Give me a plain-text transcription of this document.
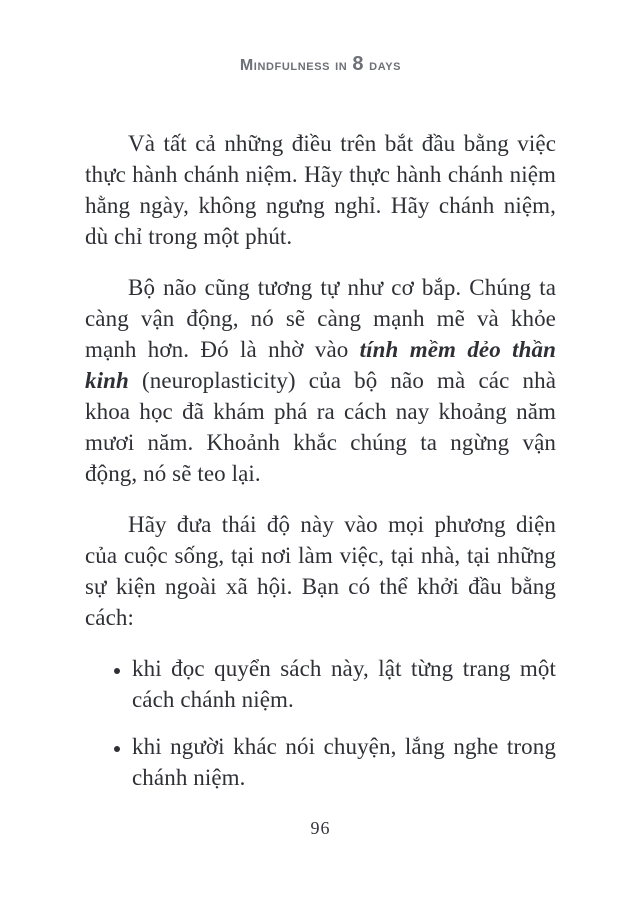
Mindfulness in 8 days

Và tất cả những điều trên bắt đầu bằng việc thực hành chánh niệm. Hãy thực hành chánh niệm hằng ngày, không ngưng nghỉ. Hãy chánh niệm, dù chỉ trong một phút.

Bộ não cũng tương tự như cơ bắp. Chúng ta càng vận động, nó sẽ càng mạnh mẽ và khỏe mạnh hơn. Đó là nhờ vào tính mềm dẻo thần kinh (neuroplasticity) của bộ não mà các nhà khoa học đã khám phá ra cách nay khoảng năm mươi năm. Khoảnh khắc chúng ta ngừng vận động, nó sẽ teo lại.

Hãy đưa thái độ này vào mọi phương diện của cuộc sống, tại nơi làm việc, tại nhà, tại những sự kiện ngoài xã hội. Bạn có thể khởi đầu bằng cách:

• khi đọc quyển sách này, lật từng trang một cách chánh niệm.
• khi người khác nói chuyện, lắng nghe trong chánh niệm.
96
